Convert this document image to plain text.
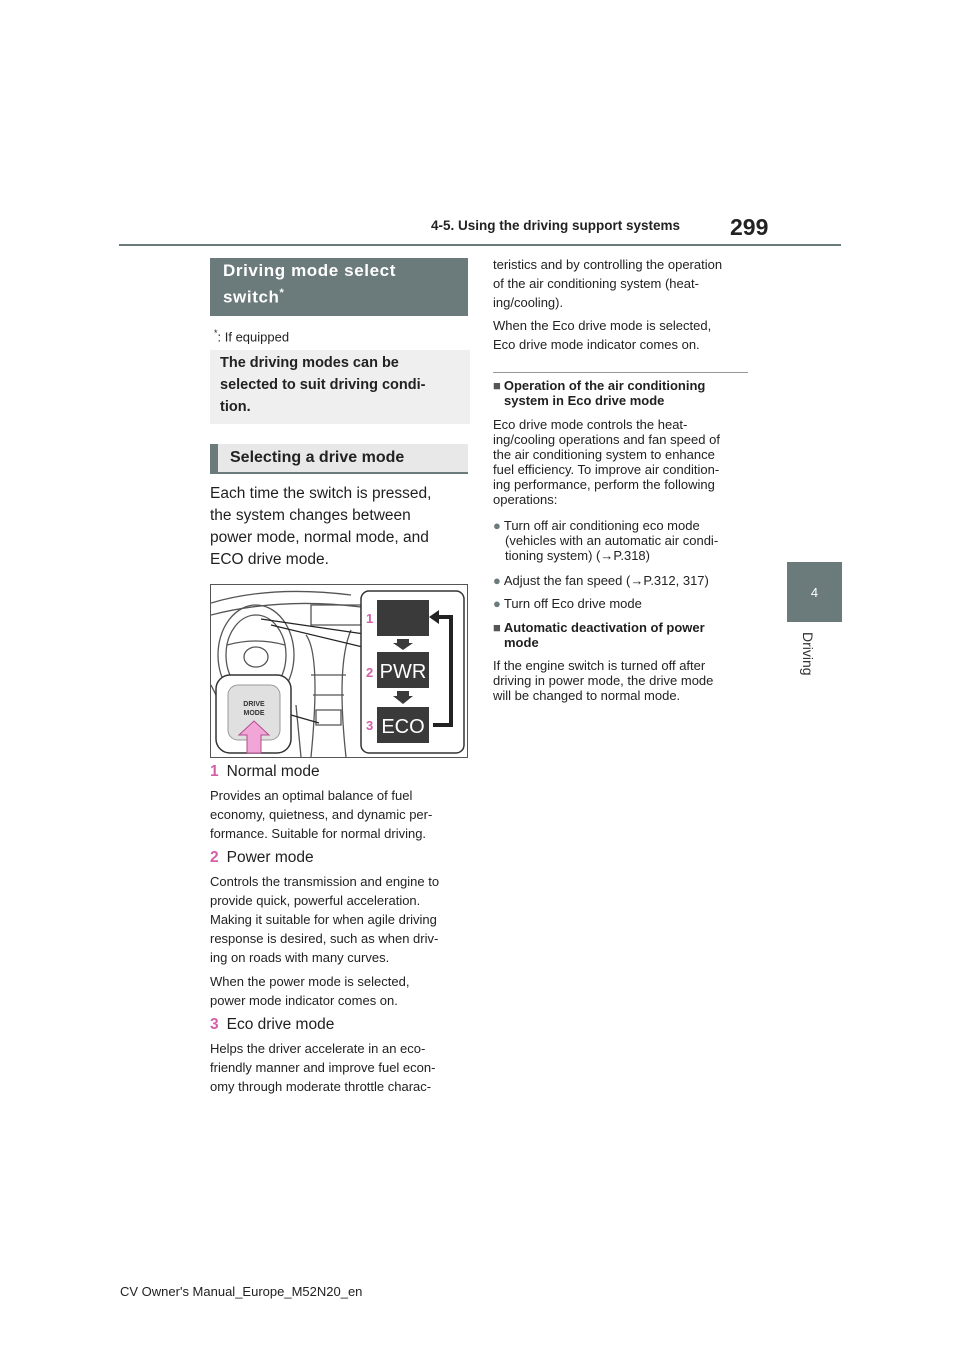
4-5. Using the driving support systems 299
4
Driving
Driving mode select
switch*
*: If equipped
The driving modes can be
selected to suit driving condi-
tion.
Selecting a drive mode
Each time the switch is pressed,
the system changes between
power mode, normal mode, and
ECO drive mode.
DRIVE
MODE
PWR
ECO
1
2
3
1 Normal mode
Provides an optimal balance of fuel
economy, quietness, and dynamic per-
formance. Suitable for normal driving.
2 Power mode
Controls the transmission and engine to
provide quick, powerful acceleration.
Making it suitable for when agile driving
response is desired, such as when driv-
ing on roads with many curves.
When the power mode is selected,
power mode indicator comes on.
3 Eco drive mode
Helps the driver accelerate in an eco-
friendly manner and improve fuel econ-
omy through moderate throttle charac-
teristics and by controlling the operation
of the air conditioning system (heat-
ing/cooling).
When the Eco drive mode is selected,
Eco drive mode indicator comes on.
■ Operation of the air conditioning
system in Eco drive mode
Eco drive mode controls the heat-
ing/cooling operations and fan speed of
the air conditioning system to enhance
fuel efficiency. To improve air condition-
ing performance, perform the following
operations:
● Turn off air conditioning eco mode
(vehicles with an automatic air condi-
tioning system) (→P.318)
● Adjust the fan speed (→P.312, 317)
● Turn off Eco drive mode
■ Automatic deactivation of power
mode
If the engine switch is turned off after
driving in power mode, the drive mode
will be changed to normal mode.
CV Owner's Manual_Europe_M52N20_en
